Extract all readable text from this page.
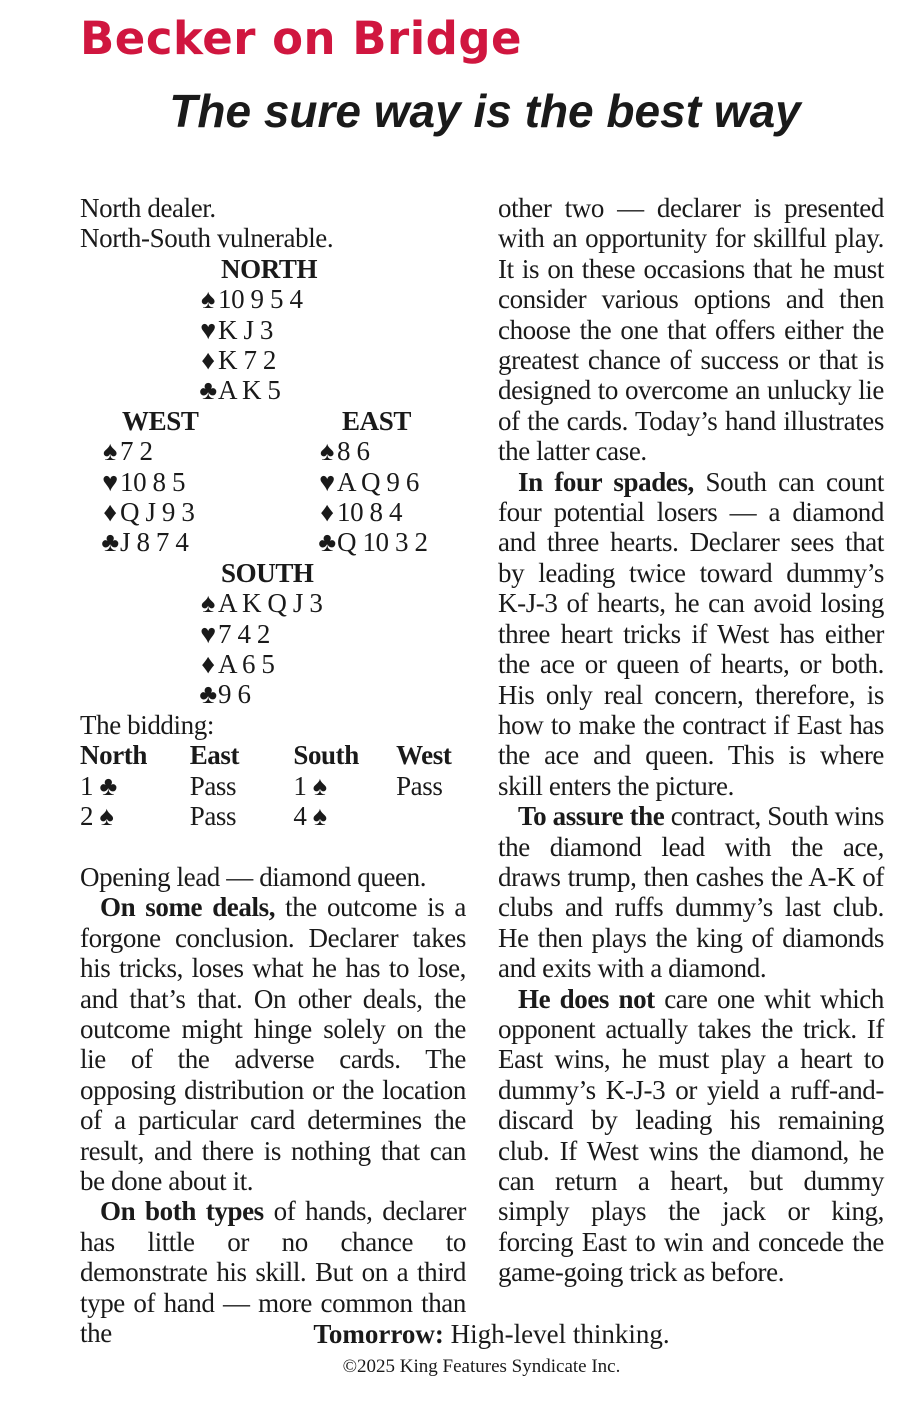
Becker on Bridge
The sure way is the best way
North dealer.
North-South vulnerable.
NORTH
♠ 10 9 5 4
♥K J 3
♦ K 7 2
♣A K 5
WEST
♠ 7 2
♥10 8 5
♦ Q J 9 3
♣J 8 7 4
EAST
♠ 8 6
♥A Q 9 6
♦ 10 8 4
♣Q 10 3 2
SOUTH
♠ A K Q J 3
♥7 4 2
♦ A 6 5
♣9 6
The bidding:
North	East	South	West
1 ♣	Pass	1 ♠	Pass
2 ♠	Pass	4 ♠	
Opening lead — diamond queen.

On some deals, the outcome is a forgone conclusion. Declarer takes his tricks, loses what he has to lose, and that’s that. On other deals, the outcome might hinge solely on the lie of the adverse cards. The opposing distribution or the location of a particular card determines the result, and there is nothing that can be done about it.

On both types of hands, declarer has little or no chance to demonstrate his skill. But on a third type of hand — more common than the

other two — declarer is presented with an opportunity for skillful play. It is on these occasions that he must consider various options and then choose the one that offers either the greatest chance of success or that is designed to overcome an unlucky lie of the cards. Today’s hand illustrates the latter case.

In four spades, South can count four potential losers — a diamond and three hearts. Declarer sees that by leading twice toward dummy’s K-J-3 of hearts, he can avoid losing three heart tricks if West has either the ace or queen of hearts, or both. His only real concern, therefore, is how to make the contract if East has the ace and queen. This is where skill enters the picture.

To assure the contract, South wins the diamond lead with the ace, draws trump, then cashes the A-K of clubs and ruffs dummy’s last club. He then plays the king of diamonds and exits with a diamond.

He does not care one whit which opponent actually takes the trick. If East wins, he must play a heart to dummy’s K-J-3 or yield a ruff-and-discard by leading his remaining club. If West wins the diamond, he can return a heart, but dummy simply plays the jack or king, forcing East to win and concede the game-going trick as before.

Tomorrow: High-level thinking.
©2025 King Features Syndicate Inc.
